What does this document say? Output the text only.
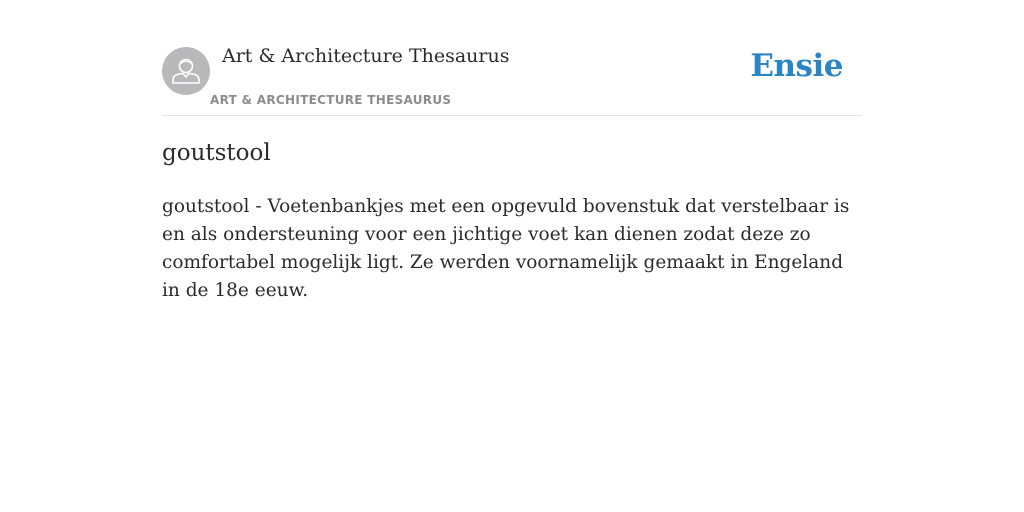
Art & Architecture Thesaurus
ART & ARCHITECTURE THESAURUS
Ensie
goutstool

goutstool - Voetenbankjes met een opgevuld bovenstuk dat verstelbaar is en als ondersteuning voor een jichtige voet kan dienen zodat deze zo comfortabel mogelijk ligt. Ze werden voornamelijk gemaakt in Engeland in de 18e eeuw.
